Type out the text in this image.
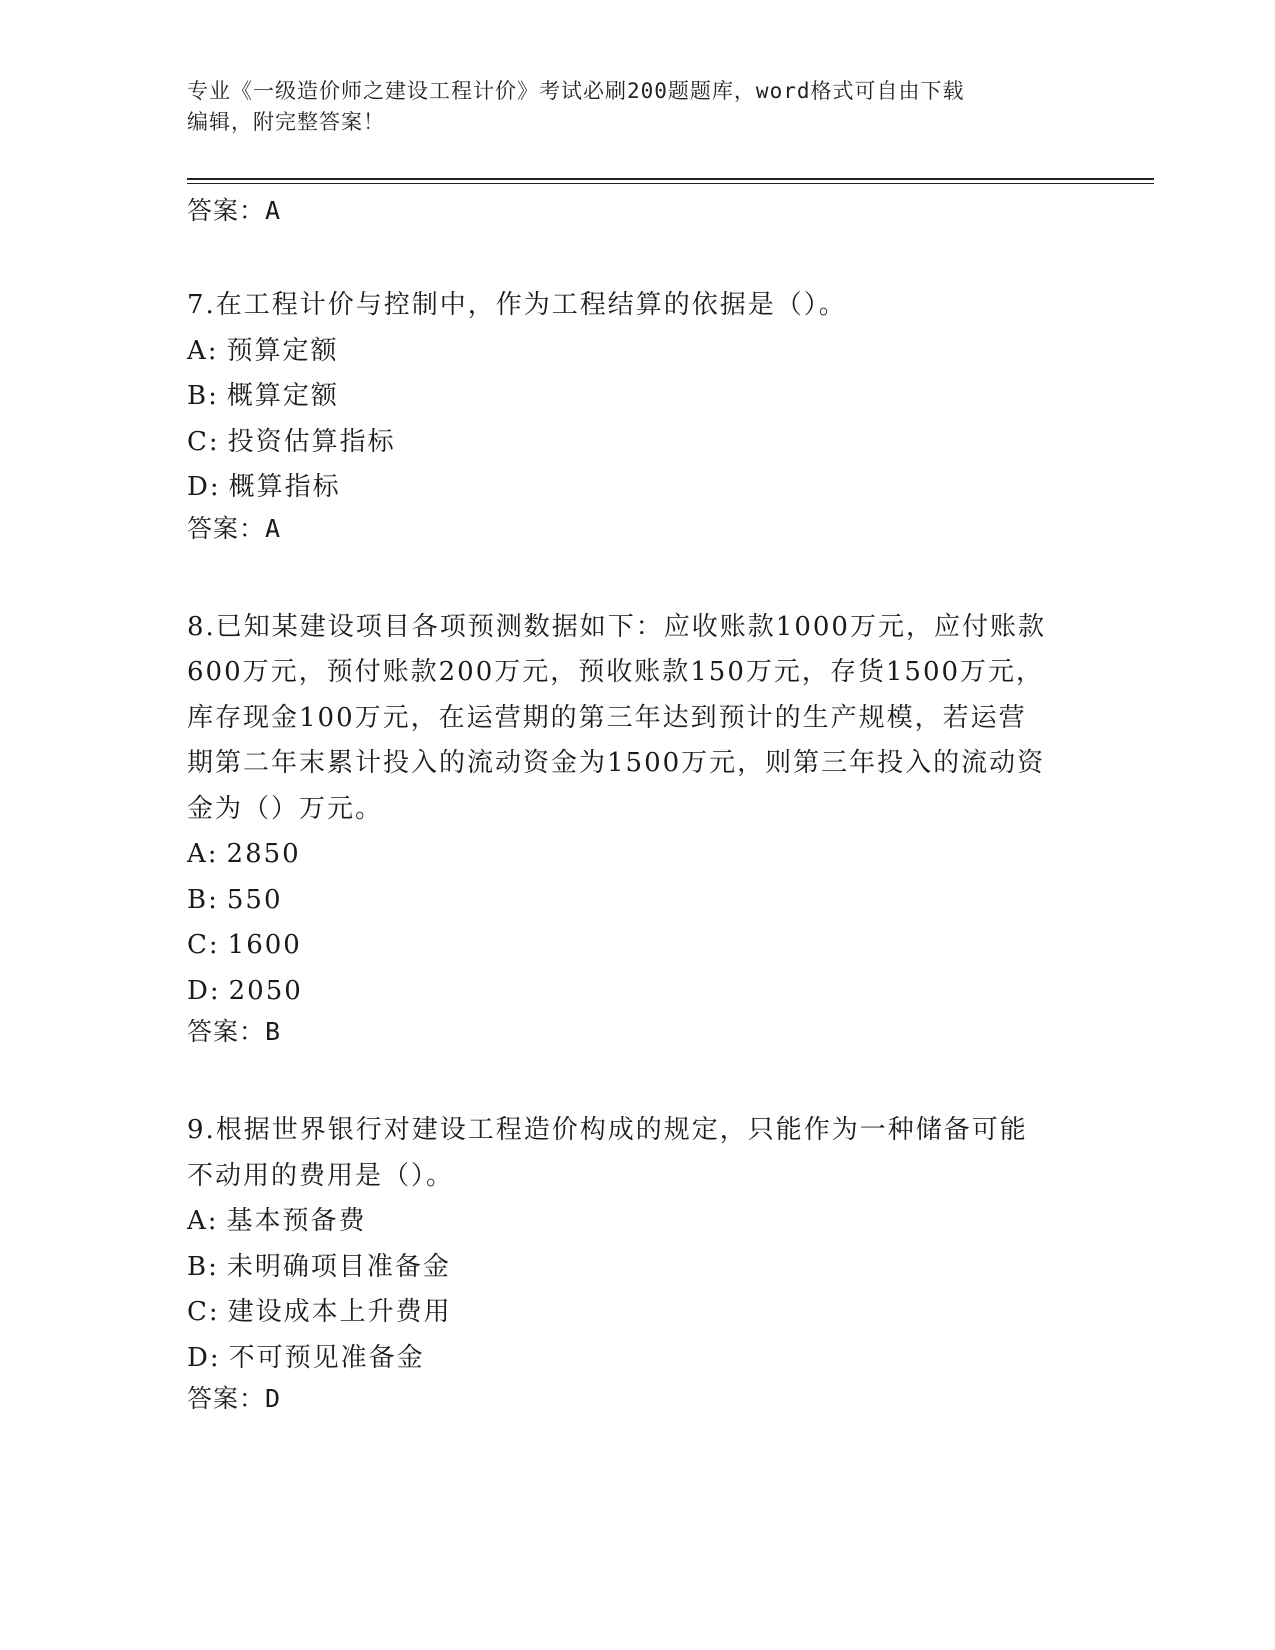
专业《一级造价师之建设工程计价》考试必刷200题题库，word格式可自由下载
编辑，附完整答案！
答案：A
7.在工程计价与控制中，作为工程结算的依据是（）。
A: 预算定额
B: 概算定额
C: 投资估算指标
D: 概算指标
答案：A
8.已知某建设项目各项预测数据如下：应收账款1000万元，应付账款
600万元，预付账款200万元，预收账款150万元，存货1500万元，
库存现金100万元，在运营期的第三年达到预计的生产规模，若运营
期第二年末累计投入的流动资金为1500万元，则第三年投入的流动资
金为（）万元。
A: 2850
B: 550
C: 1600
D: 2050
答案：B
9.根据世界银行对建设工程造价构成的规定，只能作为一种储备可能
不动用的费用是（）。
A: 基本预备费
B: 未明确项目准备金
C: 建设成本上升费用
D: 不可预见准备金
答案：D
